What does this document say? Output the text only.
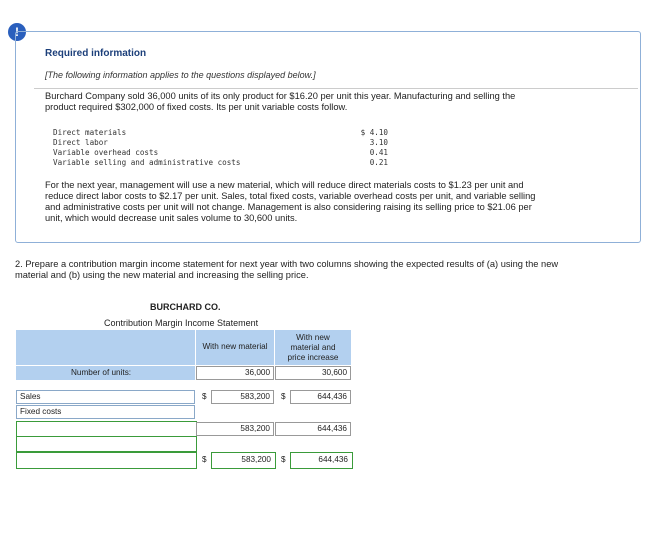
!
Required information
[The following information applies to the questions displayed below.]
Burchard Company sold 36,000 units of its only product for $16.20 per unit this year. Manufacturing and selling the
product required $302,000 of fixed costs. Its per unit variable costs follow.
Direct materials	$ 4.10
Direct labor	3.10
Variable overhead costs	0.41
Variable selling and administrative costs	0.21
For the next year, management will use a new material, which will reduce direct materials costs to $1.23 per unit and
reduce direct labor costs to $2.17 per unit. Sales, total fixed costs, variable overhead costs per unit, and variable selling
and administrative costs per unit will not change. Management is also considering raising its selling price to $21.06 per
unit, which would decrease unit sales volume to 30,600 units.
2. Prepare a contribution margin income statement for next year with two columns showing the expected results of (a) using the new
material and (b) using the new material and increasing the selling price.
BURCHARD CO.
Contribution Margin Income Statement
With new material
With new
material and
price increase
Number of units:	36,000	30,600
Sales	$	583,200	$	644,436
Fixed costs
583,200	644,436
$	583,200	$	644,436
